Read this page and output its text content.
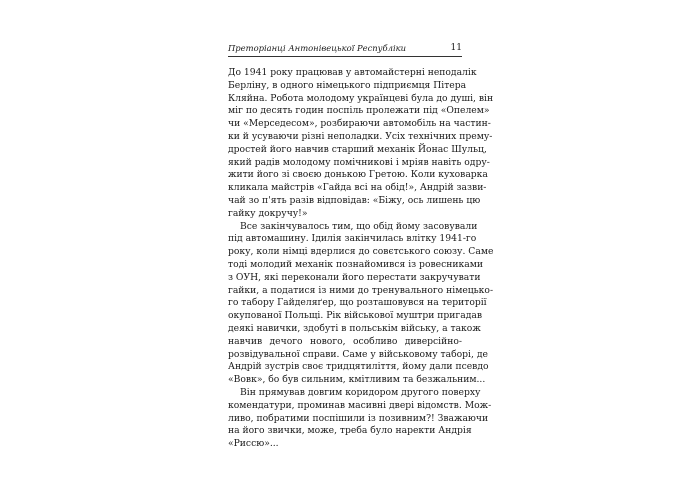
Преторіанці Антонівецької Республіки	11
До 1941 року працював у автомайстерні неподалік
Берліну, в одного німецького підприємця Пітера
Кляйна. Робота молодому українцеві була до душі, він
міг по десять годин поспіль пролежати під «Опелем»
чи «Мерседесом», розбираючи автомобіль на частин-
ки й усуваючи різні неполадки. Усіх технічних прему-
дростей його навчив старший механік Йонас Шульц,
який радів молодому помічникові і мріяв навіть одру-
жити його зі своєю донькою Гретою. Коли куховарка
кликала майстрів «Гайда всі на обід!», Андрій зазви-
чай зо п'ять разів відповідав: «Біжу, ось лишень цю
гайку докручу!»
Все закінчувалось тим, що обід йому засовували
під автомашину. Ідилія закінчилась влітку 1941-го
року, коли німці вдерлися до совєтського союзу. Саме
тоді молодий механік познайомився із ровесниками
з ОУН, які переконали його перестати закручувати
гайки, а податися із ними до тренувального німецько-
го табору Гайделяґер, що розташовувся на території
окупованої Польщі. Рік військової муштри пригадав
деякі навички, здобуті в польськім війську, а також
навчив дечого нового, особливо диверсійно-
розвідувальної справи. Саме у військовому таборі, де
Андрій зустрів своє тридцятиліття, йому дали псевдо
«Вовк», бо був сильним, кмітливим та безжальним...
Він прямував довгим коридором другого поверху
комендатури, проминав масивні двері відомств. Мож-
ливо, побратими поспішили із позивним?! Зважаючи
на його звички, може, треба було наректи Андрія
«Риссю»...
